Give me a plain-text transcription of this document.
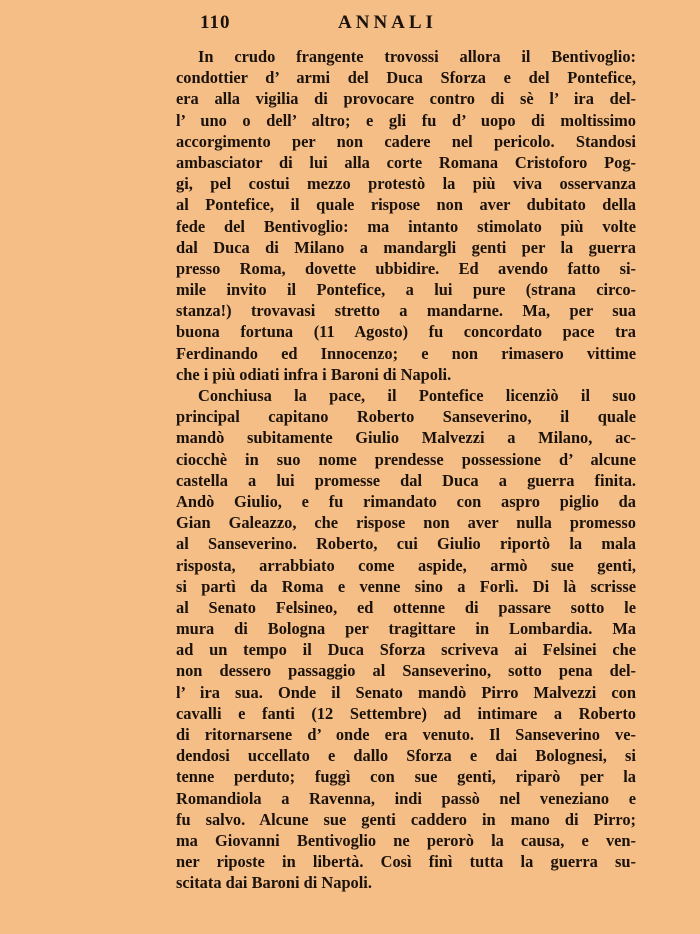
110	ANNALI
In crudo frangente trovossi allora il Bentivoglio:
condottier d’ armi del Duca Sforza e del Pontefice,
era alla vigilia di provocare contro di sè l’ ira del-
l’ uno o dell’ altro; e gli fu d’ uopo di moltissimo
accorgimento per non cadere nel pericolo. Standosi
ambasciator di lui alla corte Romana Cristoforo Pog-
gi, pel costui mezzo protestò la più viva osservanza
al Pontefice, il quale rispose non aver dubitato della
fede del Bentivoglio: ma intanto stimolato più volte
dal Duca di Milano a mandargli genti per la guerra
presso Roma, dovette ubbidire. Ed avendo fatto si-
mile invito il Pontefice, a lui pure (strana circo-
stanza!) trovavasi stretto a mandarne. Ma, per sua
buona fortuna (11 Agosto) fu concordato pace tra
Ferdinando ed Innocenzo; e non rimasero vittime
che i più odiati infra i Baroni di Napoli.
Conchiusa la pace, il Pontefice licenziò il suo
principal capitano Roberto Sanseverino, il quale
mandò subitamente Giulio Malvezzi a Milano, ac-
ciocchè in suo nome prendesse possessione d’ alcune
castella a lui promesse dal Duca a guerra finita.
Andò Giulio, e fu rimandato con aspro piglio da
Gian Galeazzo, che rispose non aver nulla promesso
al Sanseverino. Roberto, cui Giulio riportò la mala
risposta, arrabbiato come aspide, armò sue genti,
si partì da Roma e venne sino a Forlì. Di là scrisse
al Senato Felsineo, ed ottenne di passare sotto le
mura di Bologna per tragittare in Lombardia. Ma
ad un tempo il Duca Sforza scriveva ai Felsinei che
non dessero passaggio al Sanseverino, sotto pena del-
l’ ira sua. Onde il Senato mandò Pirro Malvezzi con
cavalli e fanti (12 Settembre) ad intimare a Roberto
di ritornarsene d’ onde era venuto. Il Sanseverino ve-
dendosi uccellato e dallo Sforza e dai Bolognesi, si
tenne perduto; fuggì con sue genti, riparò per la
Romandiola a Ravenna, indi passò nel veneziano e
fu salvo. Alcune sue genti caddero in mano di Pirro;
ma Giovanni Bentivoglio ne perorò la causa, e ven-
ner riposte in libertà. Così finì tutta la guerra su-
scitata dai Baroni di Napoli.
